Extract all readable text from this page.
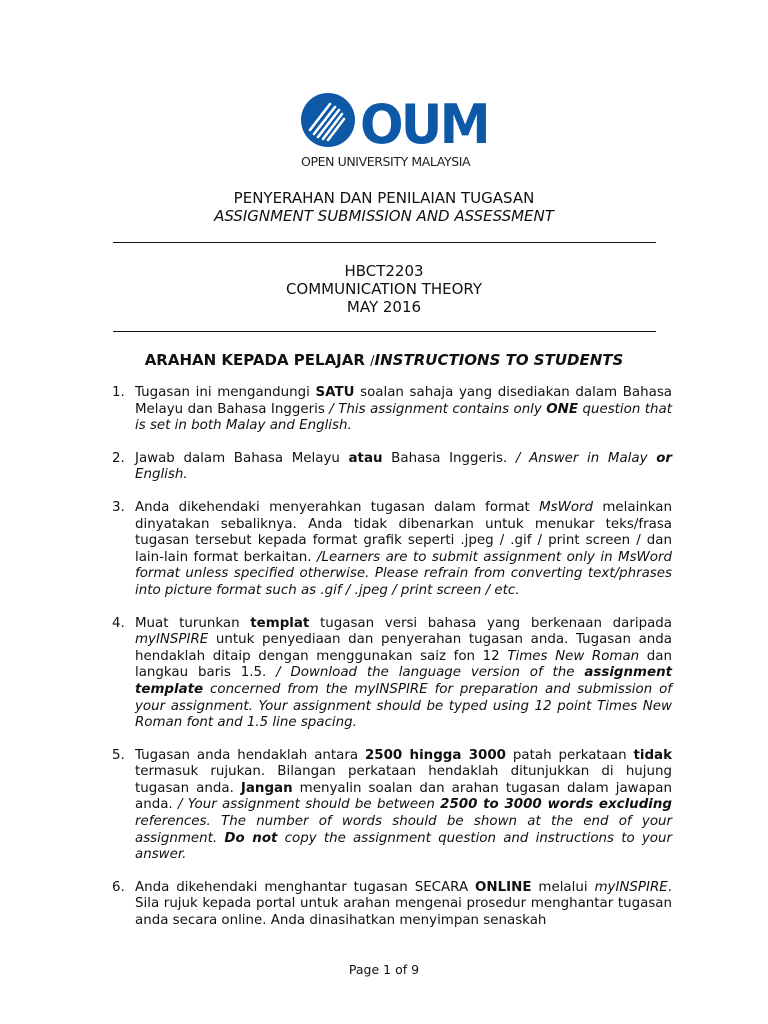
OUM
OPEN UNIVERSITY MALAYSIA
PENYERAHAN DAN PENILAIAN TUGASAN
ASSIGNMENT SUBMISSION AND ASSESSMENT
HBCT2203
COMMUNICATION THEORY
MAY 2016
ARAHAN KEPADA PELAJAR /INSTRUCTIONS TO STUDENTS
1. Tugasan ini mengandungi SATU soalan sahaja yang disediakan dalam Bahasa Melayu dan Bahasa Inggeris / This assignment contains only ONE question that is set in both Malay and English.
2. Jawab dalam Bahasa Melayu atau Bahasa Inggeris. / Answer in Malay or English.
3. Anda dikehendaki menyerahkan tugasan dalam format MsWord melainkan dinyatakan sebaliknya. Anda tidak dibenarkan untuk menukar teks/frasa tugasan tersebut kepada format grafik seperti .jpeg / .gif / print screen / dan lain-lain format berkaitan. /Learners are to submit assignment only in MsWord format unless specified otherwise. Please refrain from converting text/phrases into picture format such as .gif / .jpeg / print screen / etc.
4. Muat turunkan templat tugasan versi bahasa yang berkenaan daripada myINSPIRE untuk penyediaan dan penyerahan tugasan anda. Tugasan anda hendaklah ditaip dengan menggunakan saiz fon 12 Times New Roman dan langkau baris 1.5. / Download the language version of the assignment template concerned from the myINSPIRE for preparation and submission of your assignment. Your assignment should be typed using 12 point Times New Roman font and 1.5 line spacing.
5. Tugasan anda hendaklah antara 2500 hingga 3000 patah perkataan tidak termasuk rujukan. Bilangan perkataan hendaklah ditunjukkan di hujung tugasan anda. Jangan menyalin soalan dan arahan tugasan dalam jawapan anda. / Your assignment should be between 2500 to 3000 words excluding references. The number of words should be shown at the end of your assignment. Do not copy the assignment question and instructions to your answer.
6. Anda dikehendaki menghantar tugasan SECARA ONLINE melalui myINSPIRE. Sila rujuk kepada portal untuk arahan mengenai prosedur menghantar tugasan anda secara online. Anda dinasihatkan menyimpan senaskah
Page 1 of 9
